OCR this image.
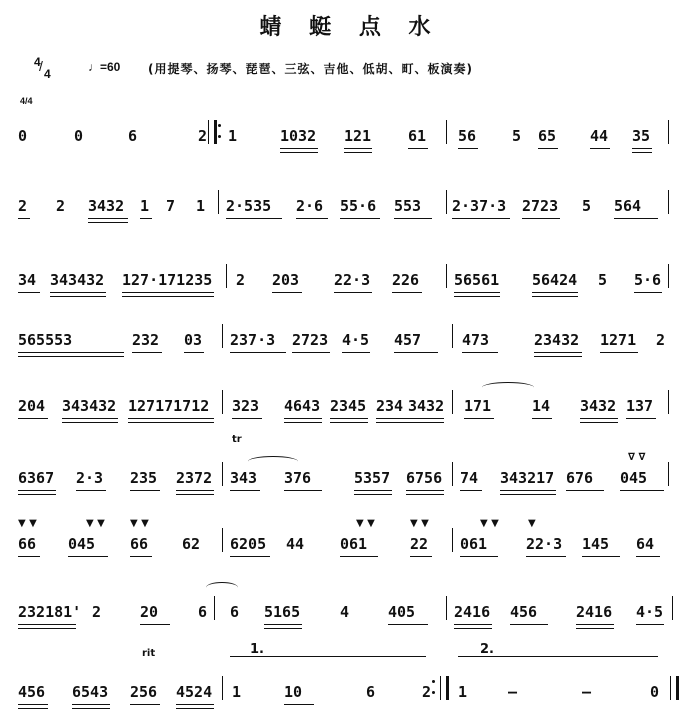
蜻 蜓 点 水
4
/ 4	♩=60 (用提琴、扬琴、琵琶、三弦、吉他、低胡、町、板演奏)
4/4
0	0	6	2 1	1032 121 61 56 5 65 44 35
2 2 3432 1 7 1 2·535 2·6 55·6 553 2·37·3 2723 5 564
34 343432 127·171235 2 203 22·3 226 56561 56424 5 5·6
565553	232 03 237·3 2723 4·5 457	473	23432 1271 2
204 343432 127171712 323 4643 2345 234 3432 171	14 3432 137
tr
∇ ∇
6367 2·3 235 2372 343 376	5357 6756 74 343217 676 045
▼ ▼	▼ ▼	▼ ▼	▼ ▼	▼ ▼	▼ ▼	▼
66 045 66 62 6205 44 061	22 061	22·3 145 64
232181' 2	20	6 6 5165	4	405	2416 456	2416 4·5
rit	1.	2.
456 6543 256 4524 1	10	6	2 1	—	—	0
